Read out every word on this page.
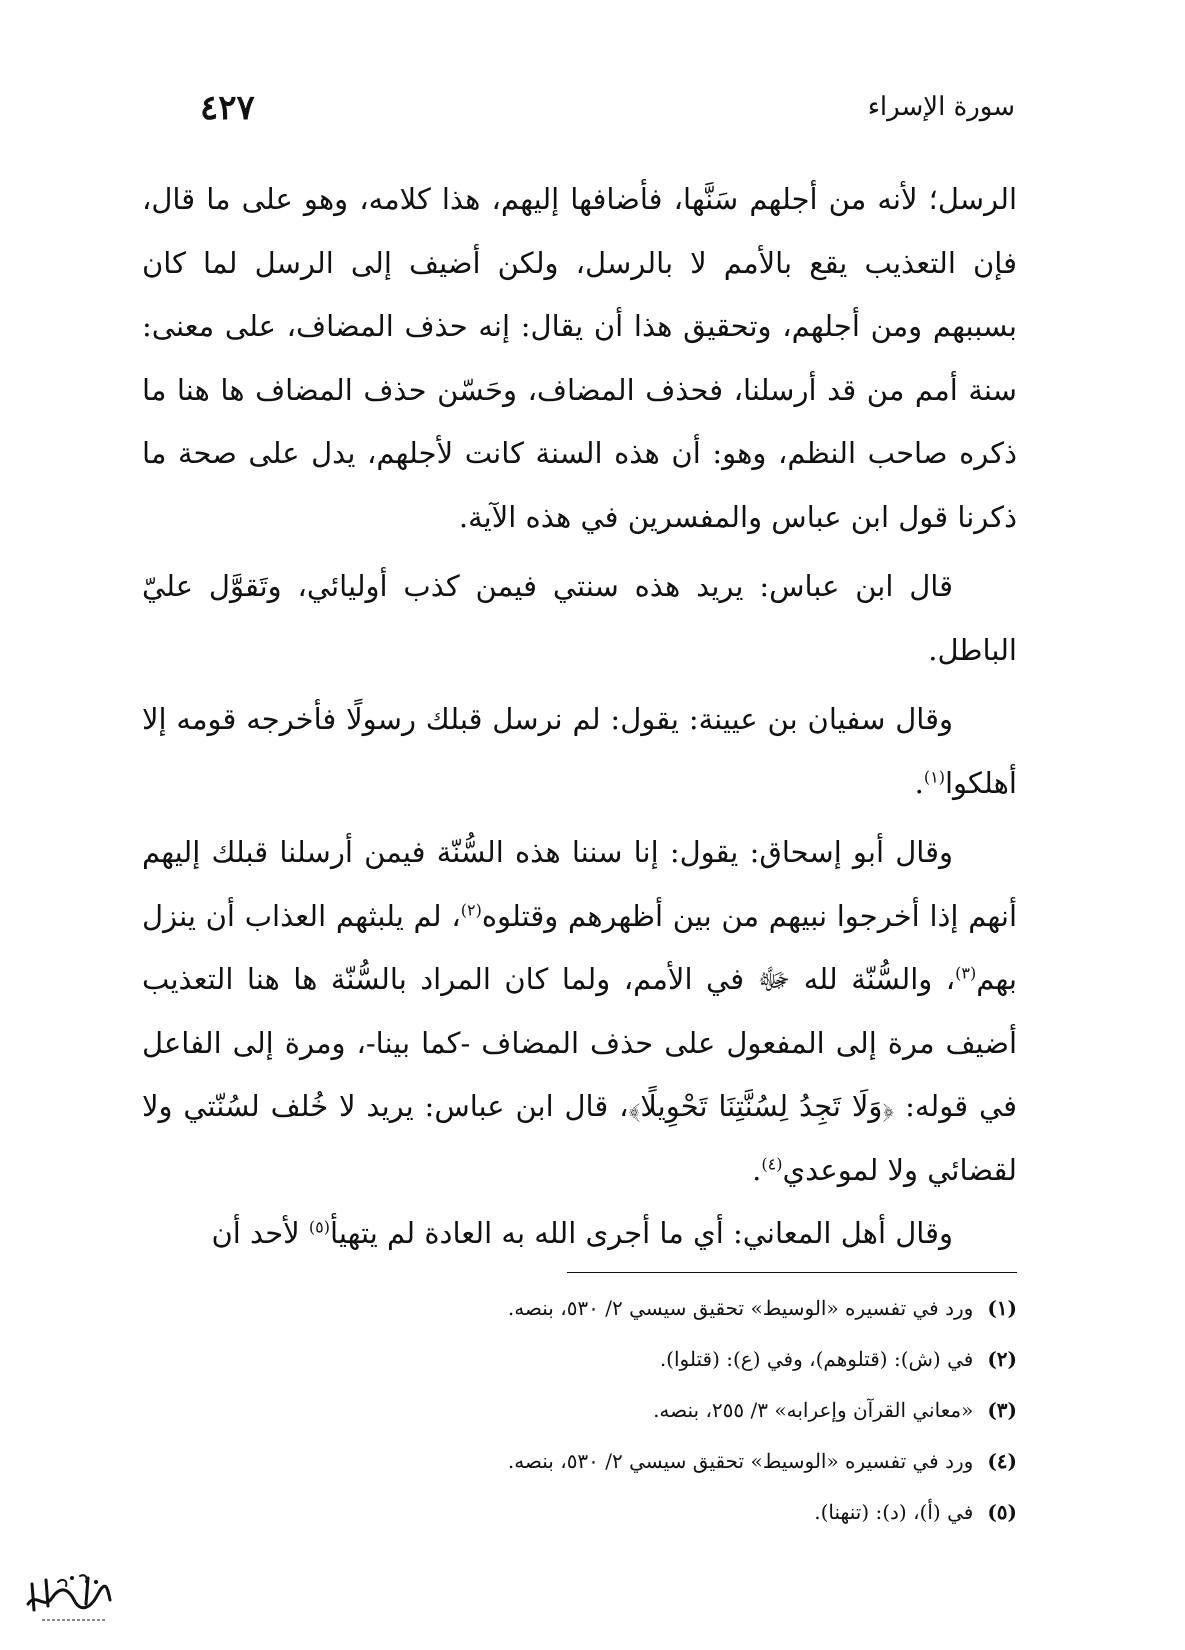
سورة الإسراء
٤٢٧

الرسل؛ لأنه من أجلهم سَنَّها، فأضافها إليهم، هذا كلامه، وهو على ما قال، فإن التعذيب يقع بالأمم لا بالرسل، ولكن أضيف إلى الرسل لما كان بسببهم ومن أجلهم، وتحقيق هذا أن يقال: إنه حذف المضاف، على معنى: سنة أمم من قد أرسلنا، فحذف المضاف، وحَسّن حذف المضاف ها هنا ما ذكره صاحب النظم، وهو: أن هذه السنة كانت لأجلهم، يدل على صحة ما ذكرنا قول ابن عباس والمفسرين في هذه الآية.

قال ابن عباس: يريد هذه سنتي فيمن كذب أوليائي، وتَقوَّل عليّ الباطل.

وقال سفيان بن عيينة: يقول: لم نرسل قبلك رسولًا فأخرجه قومه إلا أهلكوا$^{(١)}$.

وقال أبو إسحاق: يقول: إنا سننا هذه السُّنّة فيمن أرسلنا قبلك إليهم أنهم إذا أخرجوا نبيهم من بين أظهرهم وقتلوه$^{(٢)}$، لم يلبثهم العذاب أن ينزل بهم$^{(٣)}$، والسُّنّة لله ﷻ في الأمم، ولما كان المراد بالسُّنّة ها هنا التعذيب أضيف مرة إلى المفعول على حذف المضاف -كما بينا-، ومرة إلى الفاعل في قوله: ﴿وَلَا تَجِدُ لِسُنَّتِنَا تَحْوِيلًا﴾، قال ابن عباس: يريد لا خُلف لسُنّتي ولا لقضائي ولا لموعدي$^{(٤)}$.

وقال أهل المعاني: أي ما أجرى الله به العادة لم يتهيأ$^{(٥)}$ لأحد أن

(١)ورد في تفسيره «الوسيط» تحقيق سيسي ٢/ ٥٣٠، بنصه.
(٢)في (ش): (قتلوهم)، وفي (ع): (قتلوا).
(٣)«معاني القرآن وإعرابه» ٣/ ٢٥٥، بنصه.
(٤)ورد في تفسيره «الوسيط» تحقيق سيسي ٢/ ٥٣٠، بنصه.
(٥)في (أ)، (د): (تنهنا).
